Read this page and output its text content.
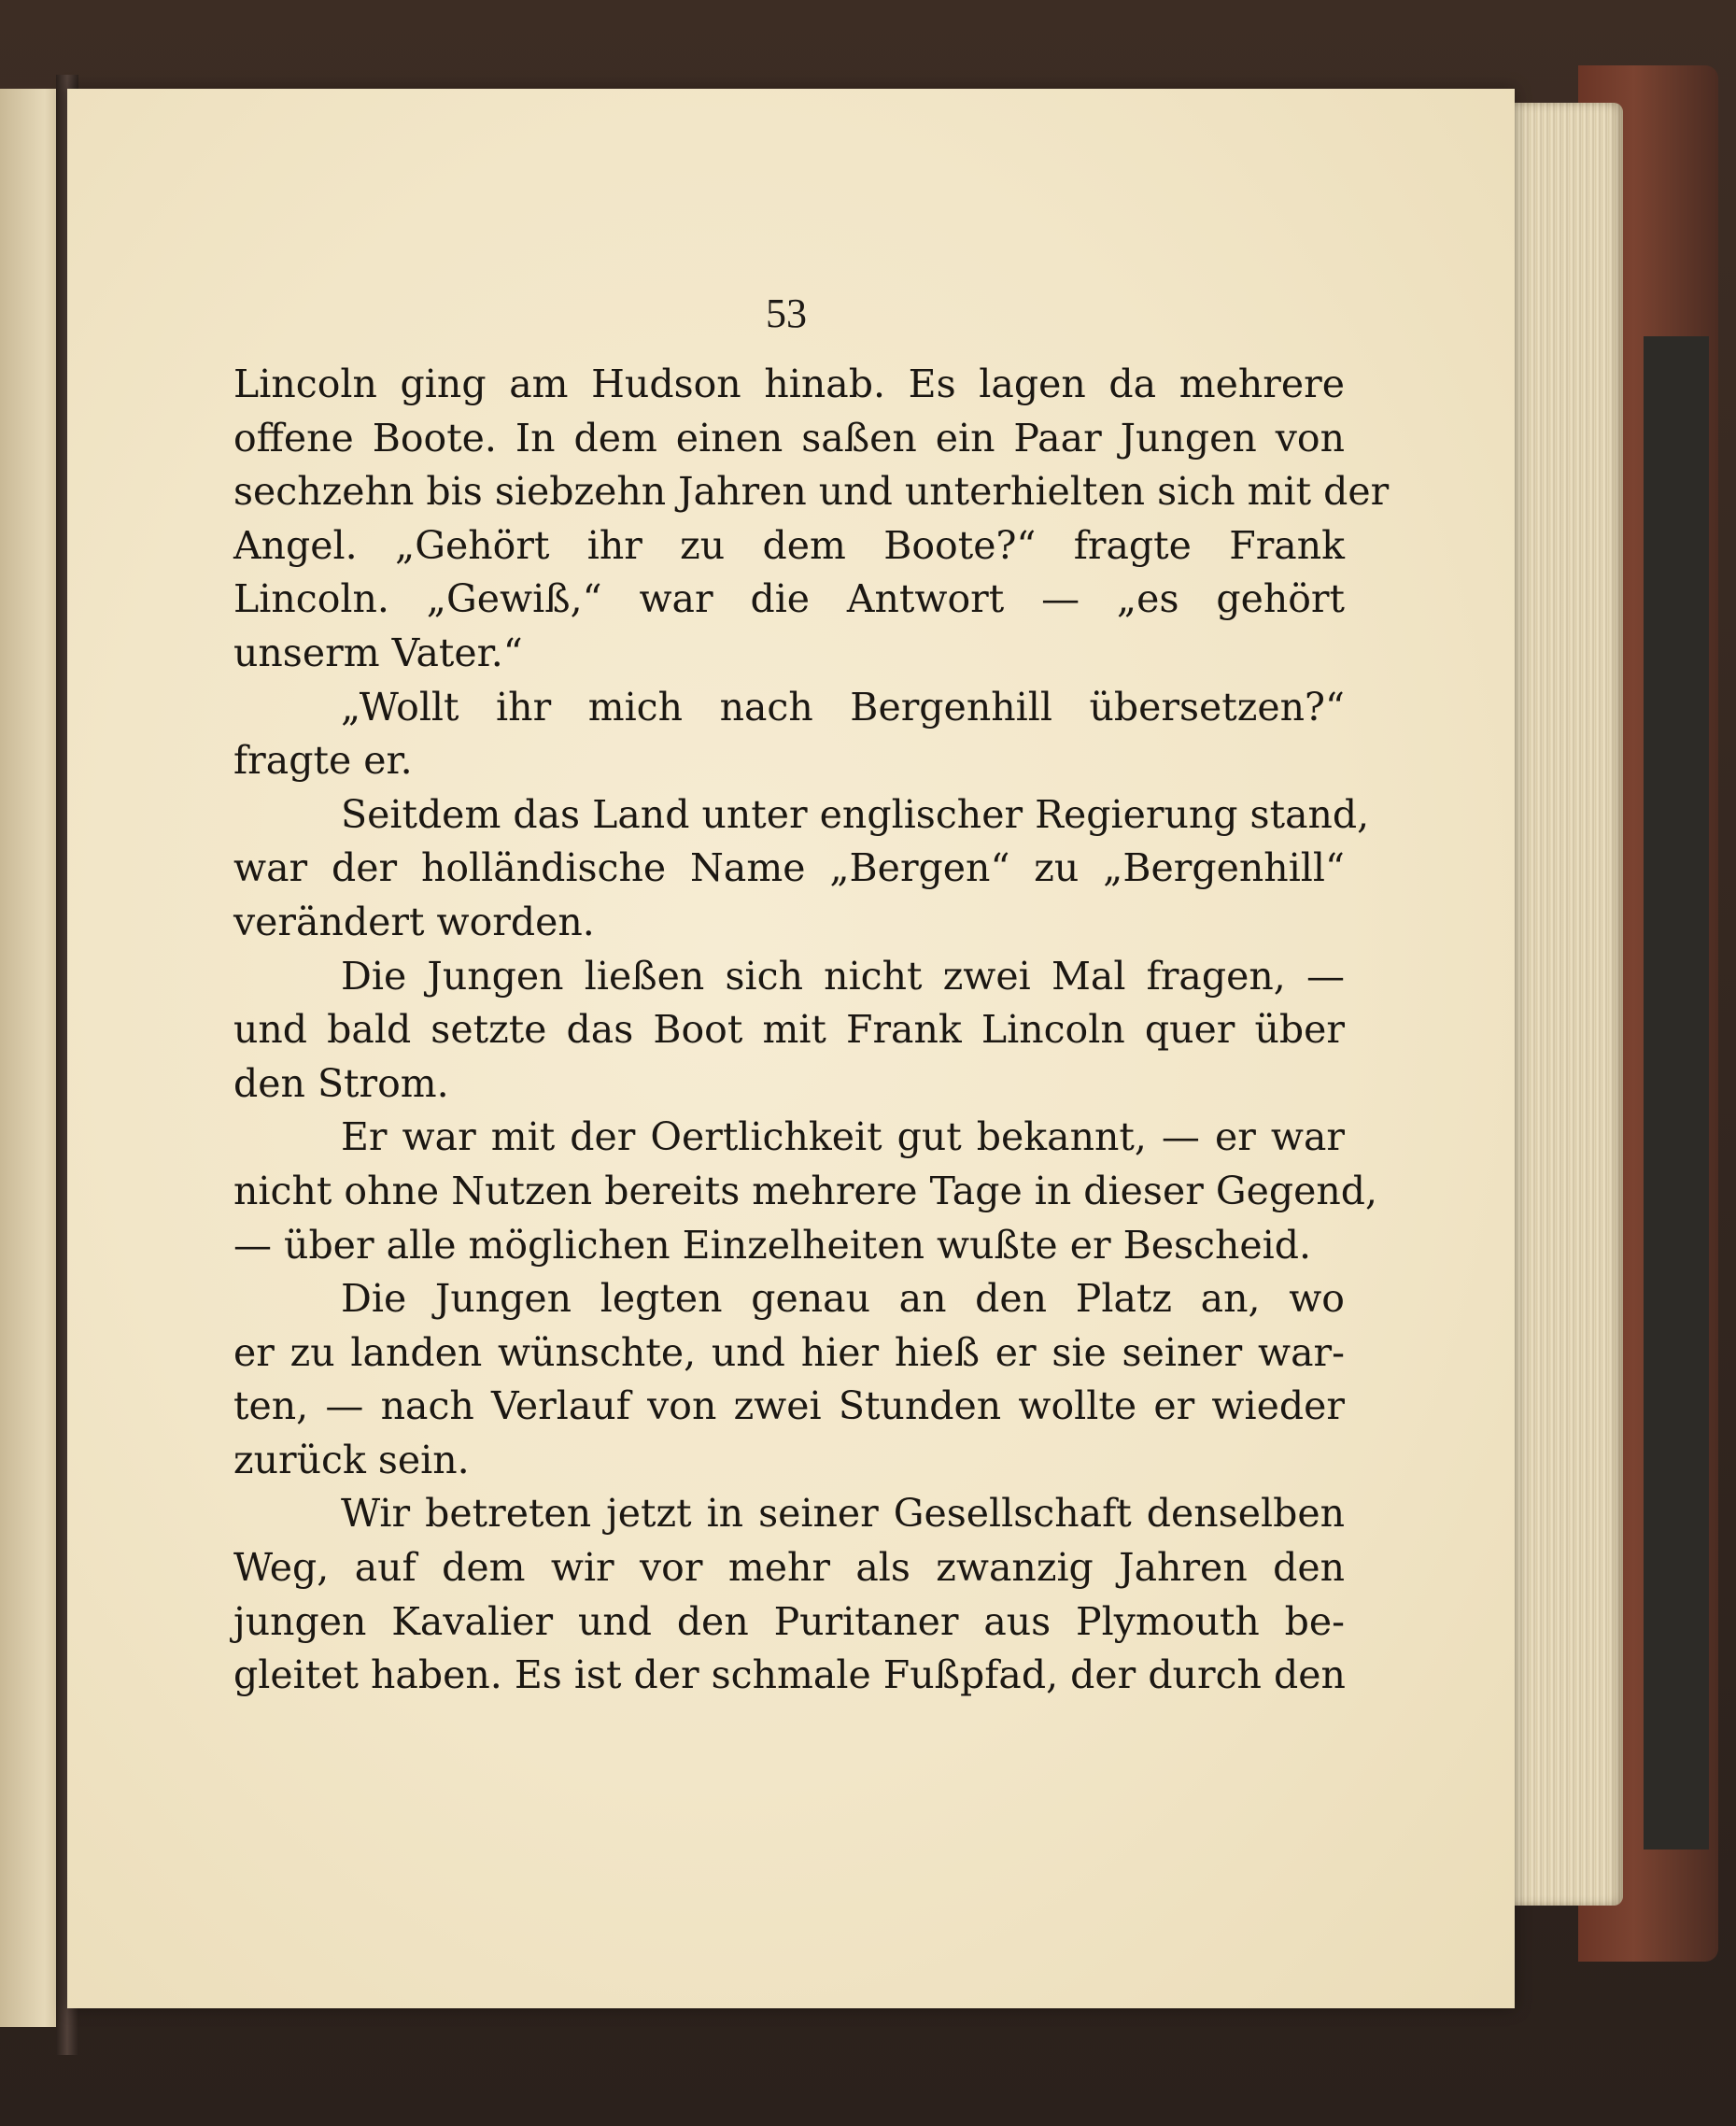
53
Lincoln ging am Hudson hinab. Es lagen da mehrere
offene Boote. In dem einen saßen ein Paar Jungen von
sechzehn bis siebzehn Jahren und unterhielten sich mit der
Angel. „Gehört ihr zu dem Boote?“ fragte Frank
Lincoln. „Gewiß,“ war die Antwort — „es gehört
unserm Vater.“
„Wollt ihr mich nach Bergenhill übersetzen?“
fragte er.
Seitdem das Land unter englischer Regierung stand,
war der holländische Name „Bergen“ zu „Bergenhill“
verändert worden.
Die Jungen ließen sich nicht zwei Mal fragen, —
und bald setzte das Boot mit Frank Lincoln quer über
den Strom.
Er war mit der Oertlichkeit gut bekannt, — er war
nicht ohne Nutzen bereits mehrere Tage in dieser Gegend,
— über alle möglichen Einzelheiten wußte er Bescheid.
Die Jungen legten genau an den Platz an, wo
er zu landen wünschte, und hier hieß er sie seiner war-
ten, — nach Verlauf von zwei Stunden wollte er wieder
zurück sein.
Wir betreten jetzt in seiner Gesellschaft denselben
Weg, auf dem wir vor mehr als zwanzig Jahren den
jungen Kavalier und den Puritaner aus Plymouth be-
gleitet haben. Es ist der schmale Fußpfad, der durch den
